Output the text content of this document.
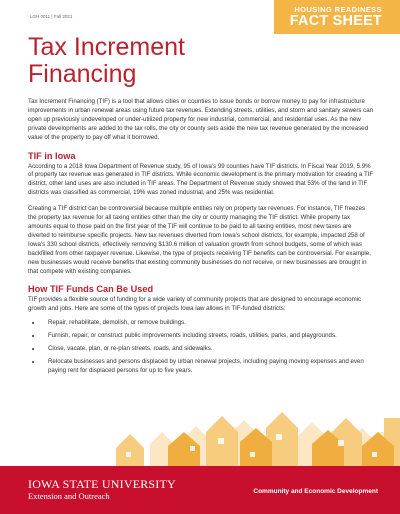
LGH 0011 | Fall 2021
HOUSING READINESS
FACT SHEET
Tax Increment
Financing

Tax Increment Financing (TIF) is a tool that allows cities or counties to issue bonds or borrow money to pay for infrastructure improvements in urban renewal areas using future tax revenues. Extending streets, utilities, and storm and sanitary sewers can open up previously undeveloped or under-utilized property for new industrial, commercial, and residential uses. As the new private developments are added to the tax rolls, the city or county sets aside the new tax revenue generated by the increased value of the property to pay off what it borrowed.

TIF in Iowa

According to a 2018 Iowa Department of Revenue study, 95 of Iowa's 99 counties have TIF districts. In Fiscal Year 2019, 5.9% of property tax revenue was generated in TIF districts. While economic development is the primary motivation for creating a TIF district, other land uses are also included in TIF areas. The Department of Revenue study showed that 53% of the land in TIF districts was classified as commercial, 19% was zoned industrial, and 25% was residential.

Creating a TIF district can be controversial because multiple entities rely on property tax revenues. For instance, TIF freezes the property tax revenue for all taxing entities other than the city or county managing the TIF district. While property tax amounts equal to those paid on the first year of the TIF will continue to be paid to all taxing entities, most new taxes are diverted to reimburse specific projects. New tax revenues diverted from Iowa's school districts, for example, impacted 258 of Iowa's 330 school districts, effectively removing $130.6 million of valuation growth from school budgets, some of which was backfilled from other taxpayer revenue. Likewise, the type of projects receiving TIF benefits can be controversial. For example, new businesses would receive benefits that existing community businesses do not receive, or new businesses are brought in that compete with existing companies.

How TIF Funds Can Be Used

TIF provides a flexible source of funding for a wide variety of community projects that are designed to encourage economic growth and jobs. Here are some of the types of projects Iowa law allows in TIF-funded districts:

• Repair, rehabilitate, demolish, or remove buildings.
• Furnish, repair, or construct public improvements including streets, roads, utilities, parks, and playgrounds.
• Close, vacate, plan, or re-plan streets, roads, and sidewalks.
• Relocate businesses and persons displaced by urban renewal projects, including paying moving expenses and even paying rent for displaced persons for up to five years.
IOWA STATE UNIVERSITY
Extension and Outreach	Community and Economic Development
